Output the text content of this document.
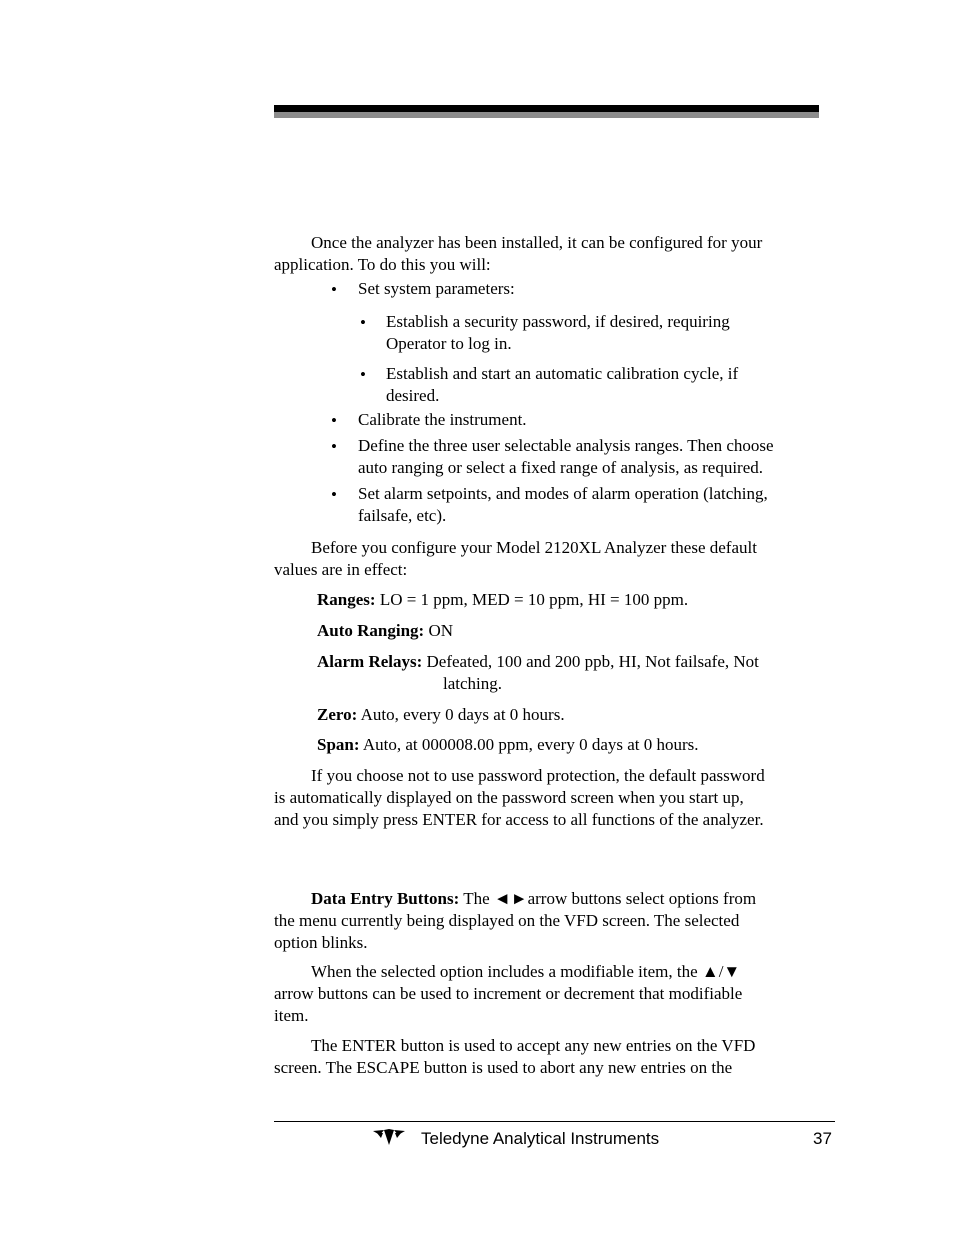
Once the analyzer has been installed, it can be configured for your
application. To do this you will:

• Set system parameters:

• Establish a security password, if desired, requiring
Operator to log in.

• Establish and start an automatic calibration cycle, if
desired.

• Calibrate the instrument.

• Define the three user selectable analysis ranges. Then choose
auto ranging or select a fixed range of analysis, as required.

• Set alarm setpoints, and modes of alarm operation (latching,
failsafe, etc).

Before you configure your Model 2120XL Analyzer these default
values are in effect:

Ranges: LO = 1 ppm, MED = 10 ppm, HI = 100 ppm.

Auto Ranging: ON

Alarm Relays: Defeated, 100 and 200 ppb, HI, Not failsafe, Not

latching.

Zero: Auto, every 0 days at 0 hours.

Span: Auto, at 000008.00 ppm, every 0 days at 0 hours.

If you choose not to use password protection, the default password
is automatically displayed on the password screen when you start up,
and you simply press ENTER for access to all functions of the analyzer.

Data Entry Buttons: The ◄►arrow buttons select options from
the menu currently being displayed on the VFD screen. The selected
option blinks.

When the selected option includes a modifiable item, the ▲/▼
arrow buttons can be used to increment or decrement that modifiable
item.

The ENTER button is used to accept any new entries on the VFD
screen. The ESCAPE button is used to abort any new entries on the

Teledyne Analytical Instruments	37
